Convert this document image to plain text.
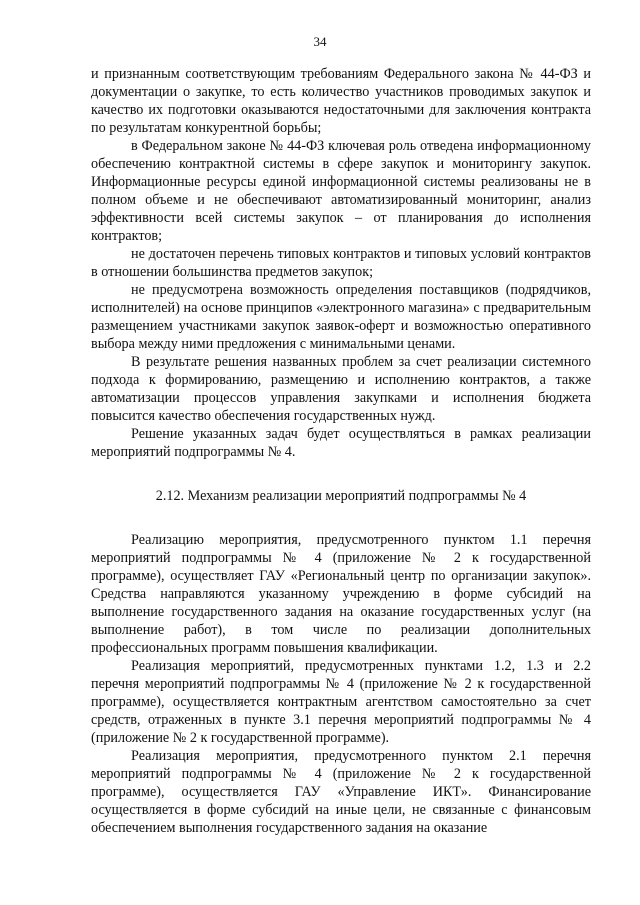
34

и признанным соответствующим требованиям Федерального закона № 44-ФЗ и документации о закупке, то есть количество участников проводимых закупок и качество их подготовки оказываются недостаточными для заключения контракта по результатам конкурентной борьбы;

в Федеральном законе № 44-ФЗ ключевая роль отведена информационному обеспечению контрактной системы в сфере закупок и мониторингу закупок. Информационные ресурсы единой информационной системы реализованы не в полном объеме и не обеспечивают автоматизированный мониторинг, анализ эффективности всей системы закупок – от планирования до исполнения контрактов;

не достаточен перечень типовых контрактов и типовых условий контрактов в отношении большинства предметов закупок;

не предусмотрена возможность определения поставщиков (подрядчиков, исполнителей) на основе принципов «электронного магазина» с предварительным размещением участниками закупок заявок-оферт и возможностью оперативного выбора между ними предложения с минимальными ценами.

В результате решения названных проблем за счет реализации системного подхода к формированию, размещению и исполнению контрактов, а также автоматизации процессов управления закупками и исполнения бюджета повысится качество обеспечения государственных нужд.

Решение указанных задач будет осуществляться в рамках реализации мероприятий подпрограммы № 4.

2.12. Механизм реализации мероприятий подпрограммы № 4

Реализацию мероприятия, предусмотренного пунктом 1.1 перечня мероприятий подпрограммы № 4 (приложение № 2 к государственной программе), осуществляет ГАУ «Региональный центр по организации закупок». Средства направляются указанному учреждению в форме субсидий на выполнение государственного задания на оказание государственных услуг (на выполнение работ), в том числе по реализации дополнительных профессиональных программ повышения квалификации.

Реализация мероприятий, предусмотренных пунктами 1.2, 1.3 и 2.2 перечня мероприятий подпрограммы № 4 (приложение № 2 к государственной программе), осуществляется контрактным агентством самостоятельно за счет средств, отраженных в пункте 3.1 перечня мероприятий подпрограммы № 4 (приложение № 2 к государственной программе).

Реализация мероприятия, предусмотренного пунктом 2.1 перечня мероприятий подпрограммы № 4 (приложение № 2 к государственной программе), осуществляется ГАУ «Управление ИКТ». Финансирование осуществляется в форме субсидий на иные цели, не связанные с финансовым обеспечением выполнения государственного задания на оказание
